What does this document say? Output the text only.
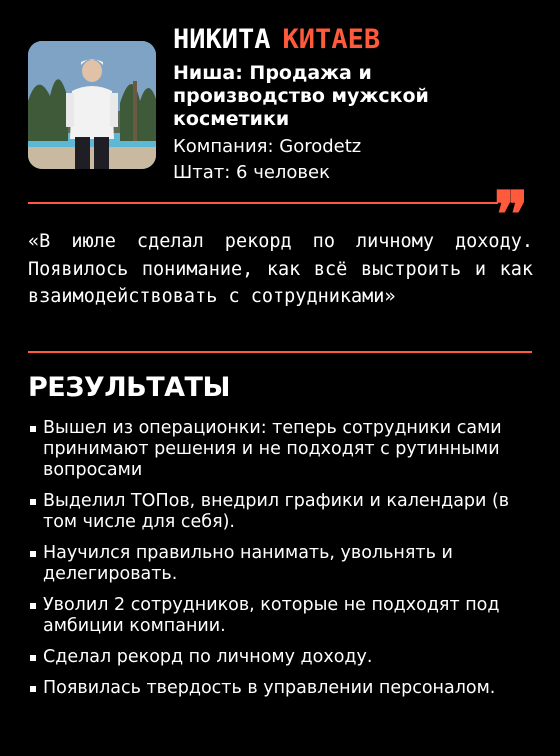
НИКИТА КИТАЕВ
Ниша: Продажа и производство мужской косметики
Компания: Gorodetz
Штат: 6 человек
❞
«В июле сделал рекорд по личному доходу. Появилось понимание, как всё выстроить и как взаимодействовать с сотрудниками»
РЕЗУЛЬТАТЫ
Вышел из операционки: теперь сотрудники сами принимают решения и не подходят с рутинными вопросами
Выделил ТОПов, внедрил графики и календари (в том числе для себя).
Научился правильно нанимать, увольнять и делегировать.
Уволил 2 сотрудников, которые не подходят под амбиции компании.
Сделал рекорд по личному доходу.
Появилась твердость в управлении персоналом.
